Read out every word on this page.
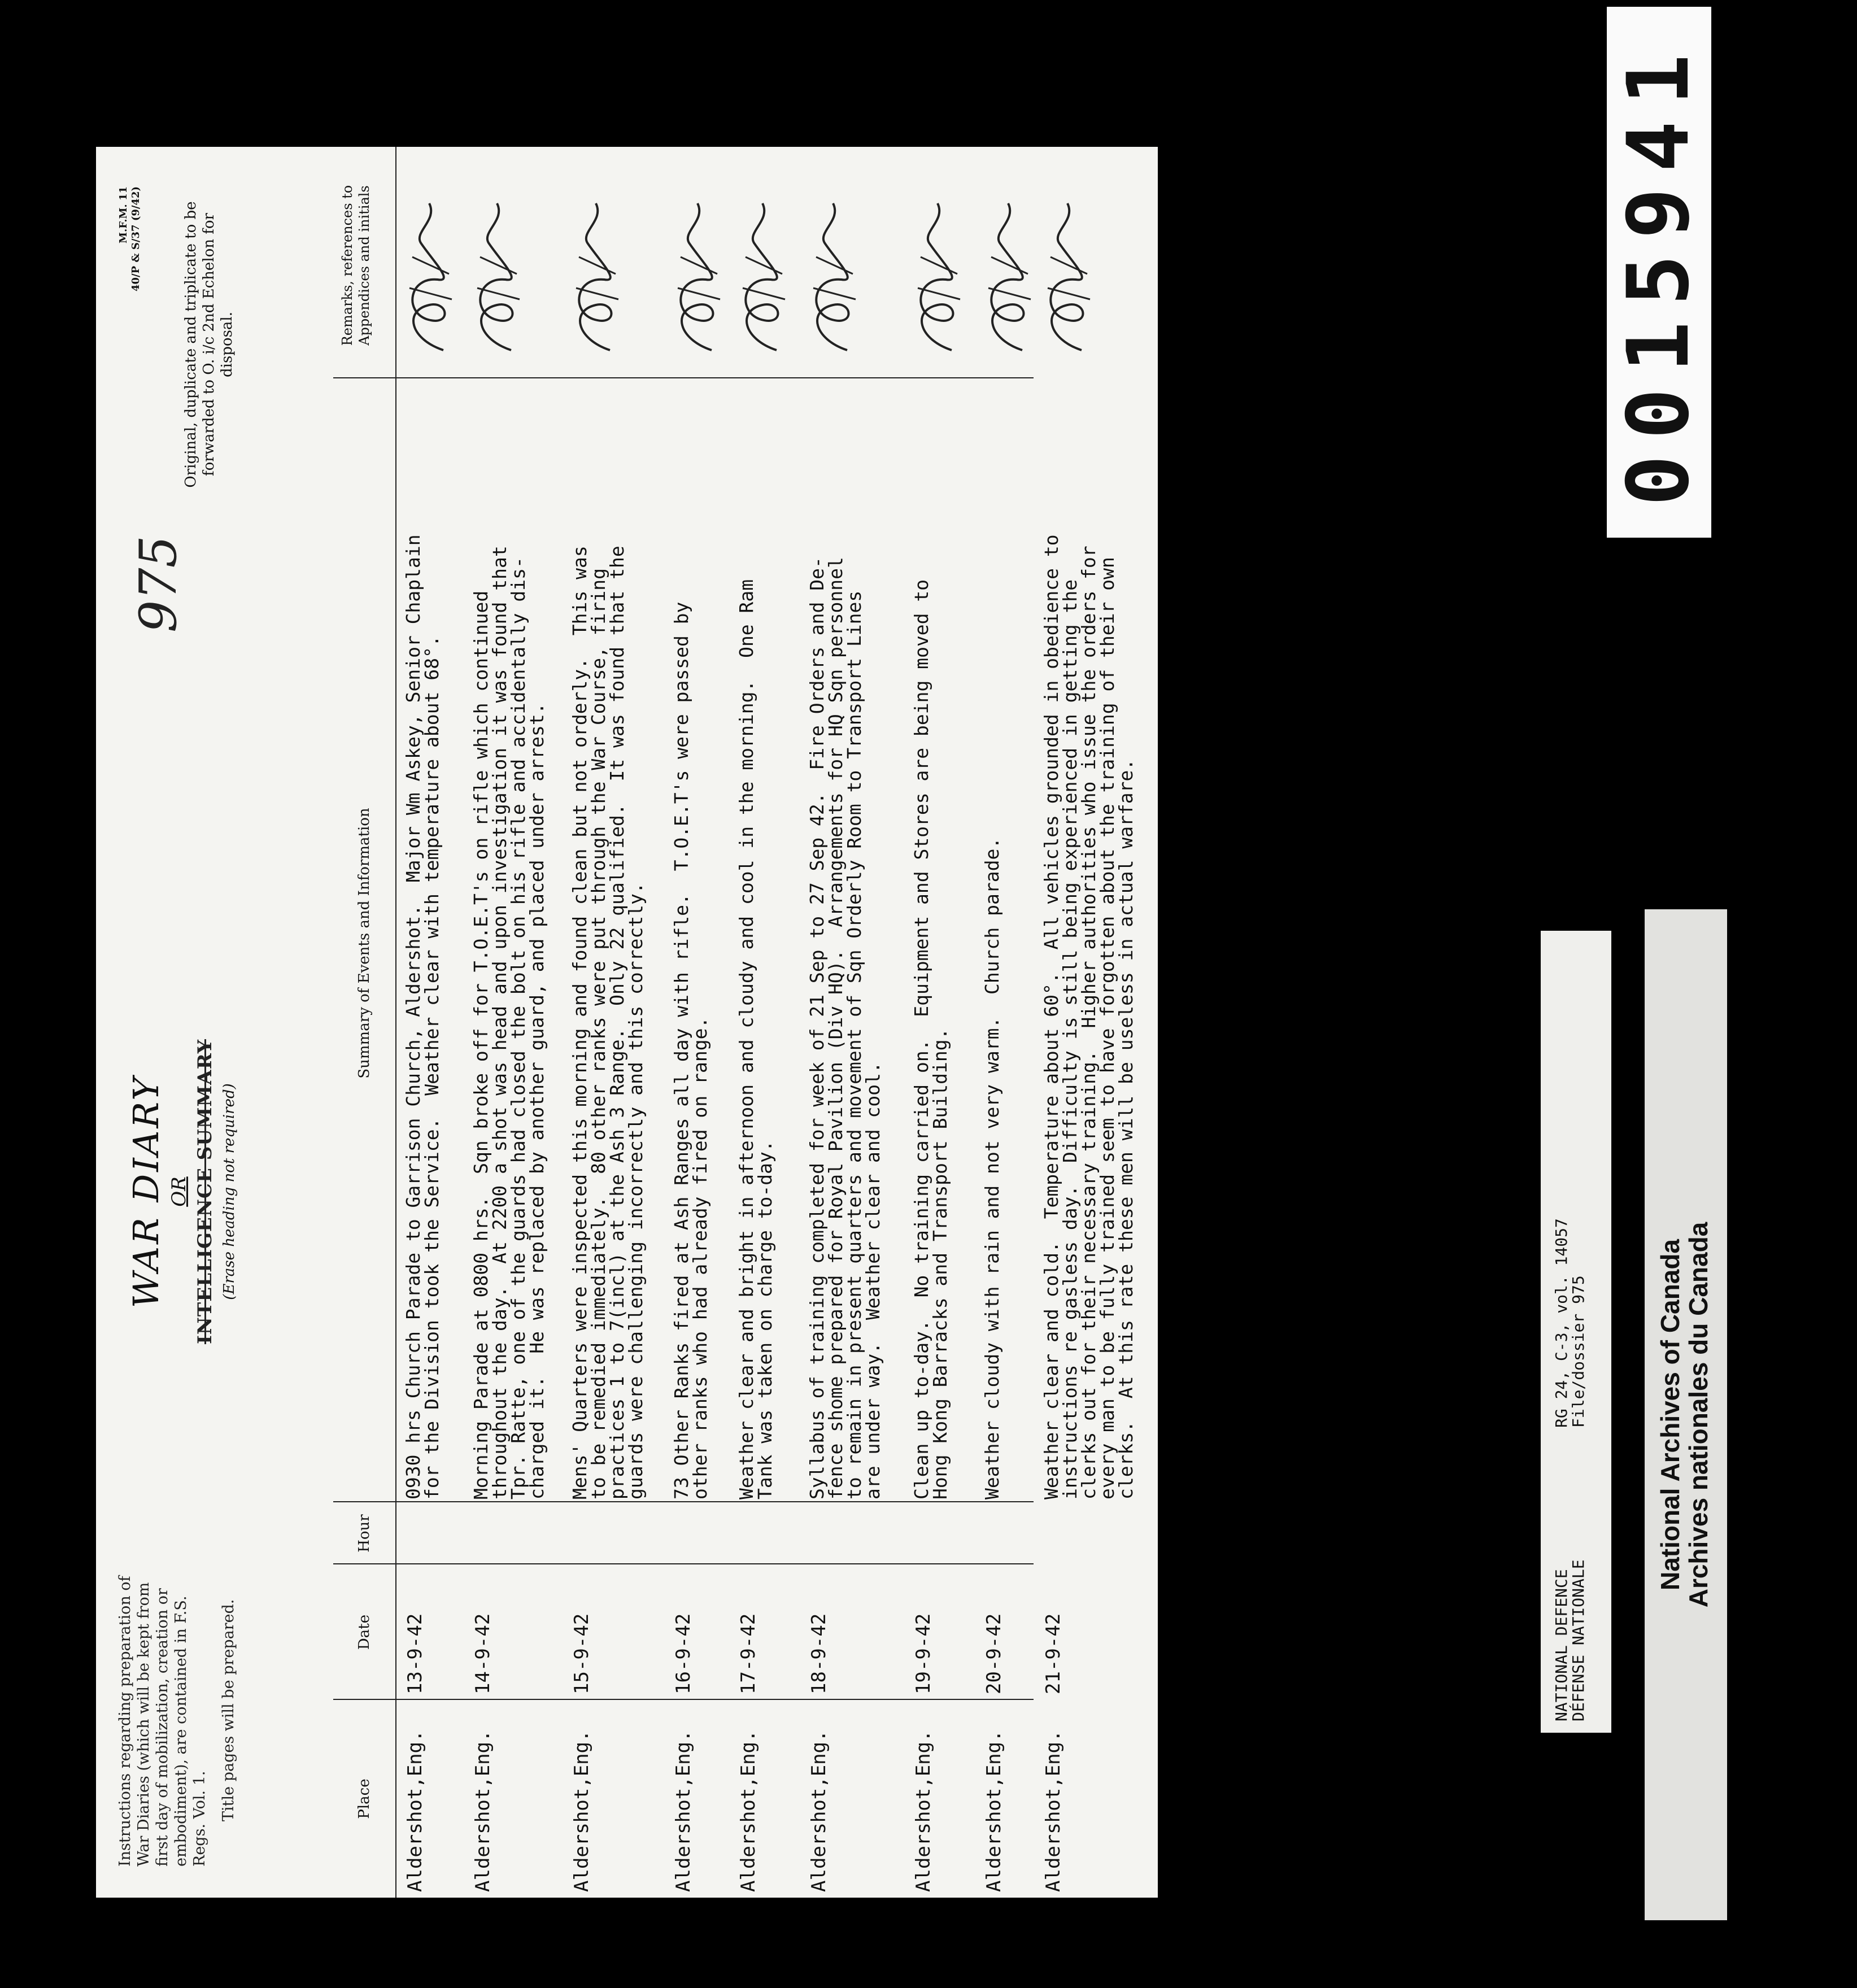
Instructions regarding preparation of War Diaries (which will be kept from first day of mobilization, creation or embodiment), are contained in F.S. Regs. Vol. 1. Title pages will be prepared.
WAR DIARY OR INTELLIGENCE SUMMARY (Erase heading not required)
975
M.F.M. 11 40/P & S/37 (9/42)	Original, duplicate and triplicate to be forwarded to O. i/c 2nd Echelon for disposal.
Place
Date
Hour
Summary of Events and Information
Remarks, references to Appendices and initials
Aldershot,Eng.
13-9-42
0930 hrs Church Parade to Garrison Church, Aldershot.  Major Wm Askey, Senior Chaplain
for the Division took the Service.  Weather clear with temperature about 68°.
Aldershot,Eng.
14-9-42
Morning Parade at 0800 hrs.  Sqn broke off for T.O.E.T's on rifle which continued
throughout the day.  At 2200 a shot was head and upon investigation it was found that
Tpr. Ratte, one of the guards had closed the bolt on his rifle and accidentally dis-
charged it.  He was replaced by another guard, and placed under arrest.
Aldershot,Eng.
15-9-42
Mens' Quarters were inspected this morning and found clean but not orderly.  This was
to be remedied immediately.  80 other ranks were put through the War Course, firing
practices 1 to 7(incl) at the Ash 3 Range.  Only 22 qualified.  It was found that the
guards were challenging incorrectly and this correctly.
Aldershot,Eng.
16-9-42
73 Other Ranks fired at Ash Ranges all day with rifle.  T.O.E.T's were passed by
other ranks who had already fired on range.
Aldershot,Eng.
17-9-42
Weather clear and bright in afternoon and cloudy and cool in the morning.  One Ram
Tank was taken on charge to-day.
Aldershot,Eng.
18-9-42
Syllabus of training completed for week of 21 Sep to 27 Sep 42.  Fire Orders and De-
fence shome prepared for Royal Pavilion (Div HQ).  Arrangements for HQ Sqn personnel
to remain in present quarters and movement of Sqn Orderly Room to Transport Lines
are under way.  Weather clear and cool.
Aldershot,Eng.
19-9-42
Clean up to-day.  No training carried on.  Equipment and Stores are being moved to
Hong Kong Barracks and Transport Building.
Aldershot,Eng.
20-9-42
Weather cloudy with rain and not very warm.  Church parade.
Aldershot,Eng.
21-9-42
Weather clear and cold.  Temperature about 60°.  All vehicles grounded in obedience to
instructions re gasless day.  Difficulty is still being experienced in getting the
clerks out for their necessary training.  Higher authorities who issue the orders for
every man to be fully trained seem to have forgotten about the training of their own
clerks.  At this rate these men will be useless in actual warfare.
0015941
NATIONAL DEFENCE
DÉFENSE NATIONALE
RG 24, C-3, vol. 14057
File/dossier 975	National Archives of Canada
Archives nationales du Canada
